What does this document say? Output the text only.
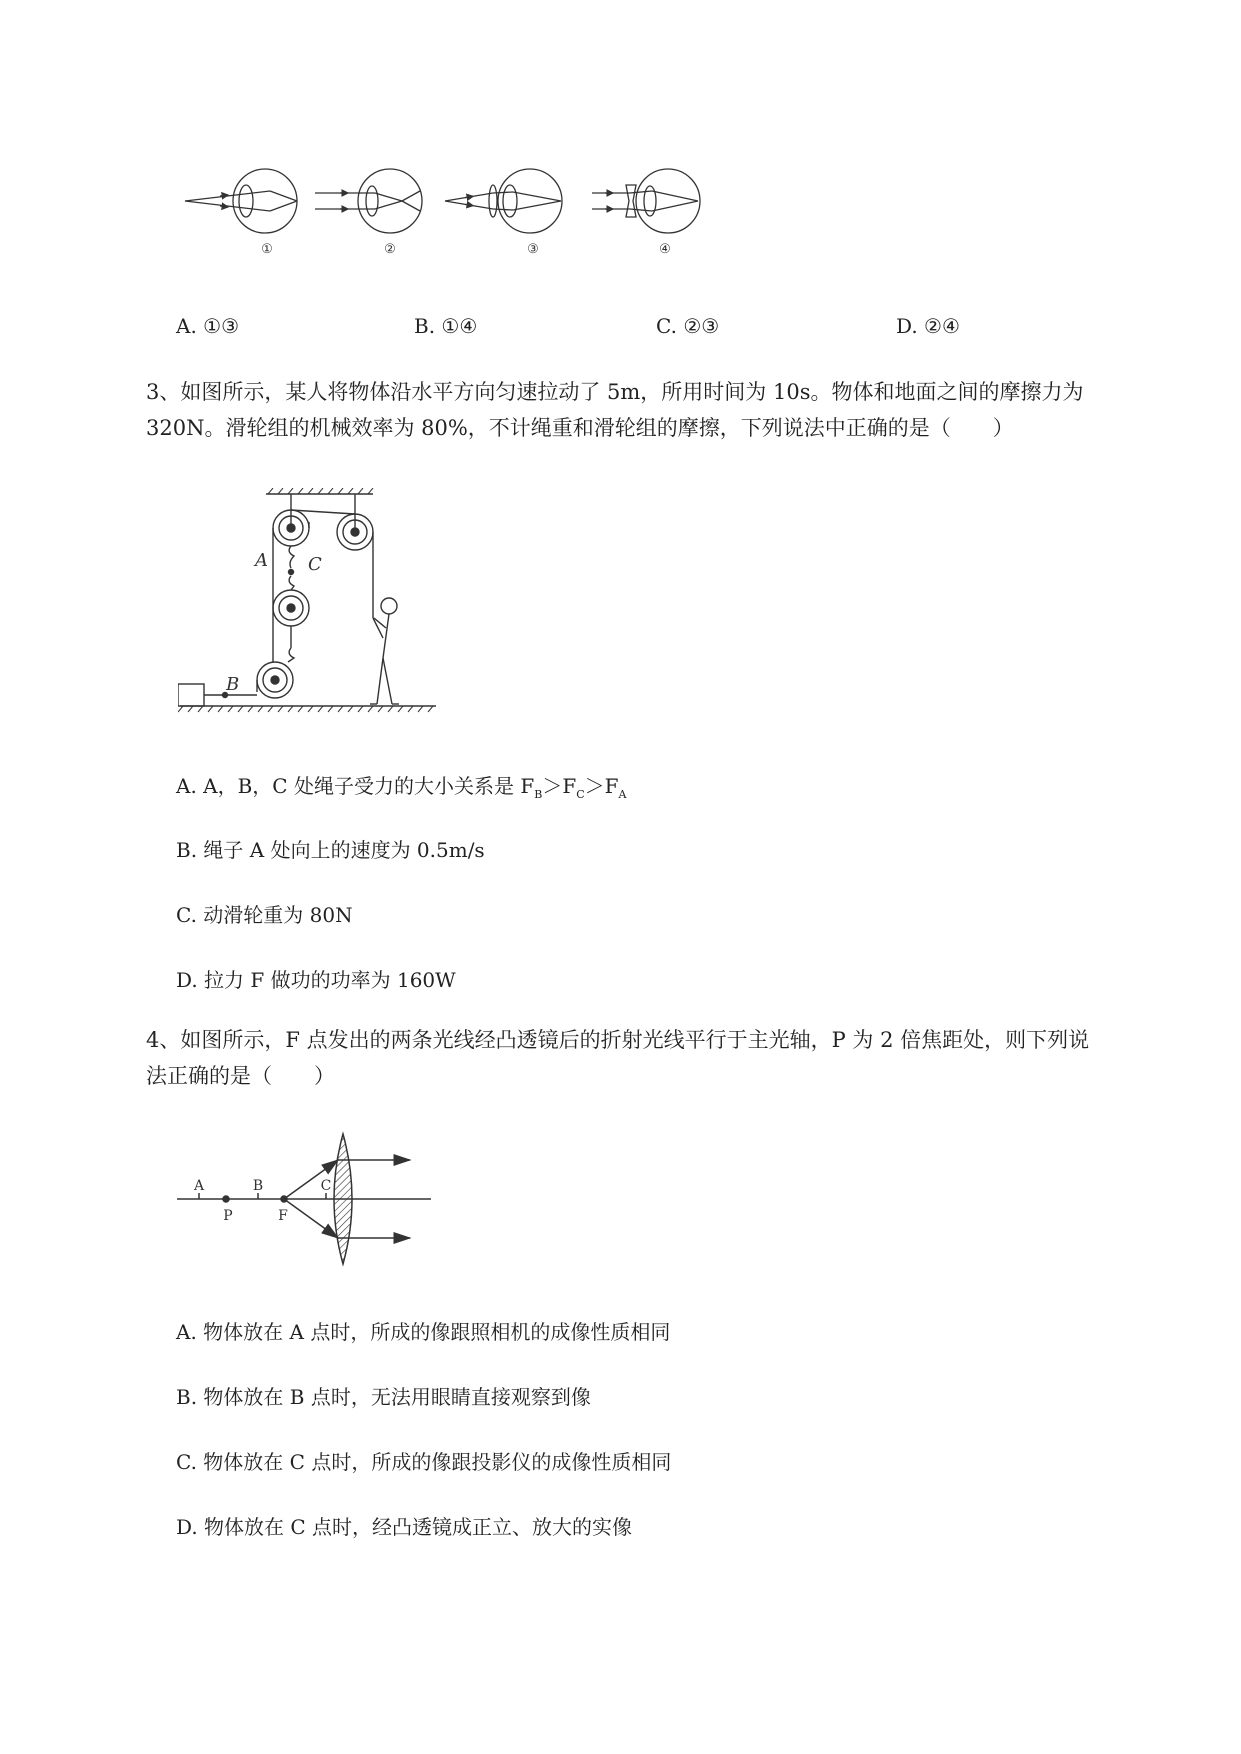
①	②	③	④
A. ①③	B. ①④	C. ②③	D. ②④
3、如图所示，某人将物体沿水平方向匀速拉动了 5m，所用时间为 10s。物体和地面之间的摩擦力为
320N。滑轮组的机械效率为 80%，不计绳重和滑轮组的摩擦，下列说法中正确的是（　　）
A
B
C
A. A，B，C 处绳子受力的大小关系是 $F_B>F_C>F_A$
B. 绳子 A 处向上的速度为 0.5m/s
C. 动滑轮重为 80N
D. 拉力 F 做功的功率为 160W
4、如图所示，F 点发出的两条光线经凸透镜后的折射光线平行于主光轴，P 为 2 倍焦距处，则下列说
法正确的是（　　）
A	B	C
P	F
A. 物体放在 A 点时，所成的像跟照相机的成像性质相同
B. 物体放在 B 点时，无法用眼睛直接观察到像
C. 物体放在 C 点时，所成的像跟投影仪的成像性质相同
D. 物体放在 C 点时，经凸透镜成正立、放大的实像
